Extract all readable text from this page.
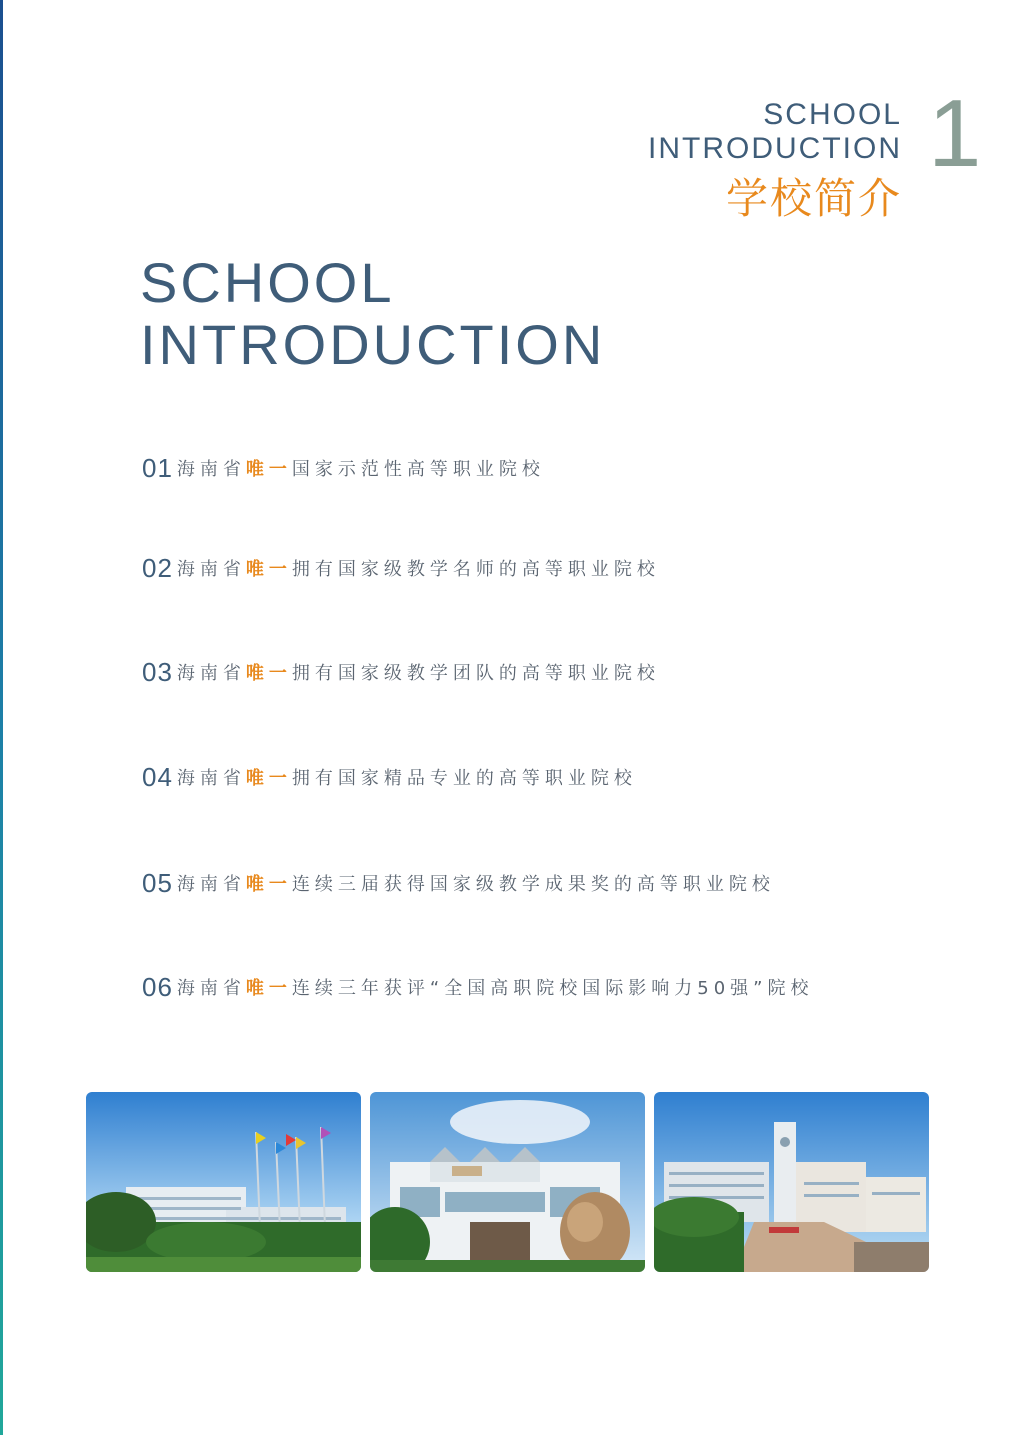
SCHOOL
INTRODUCTION
学校简介
1
SCHOOL
INTRODUCTION
01 海南省 唯一 国家示范性高等职业院校
02 海南省 唯一 拥有国家级教学名师的高等职业院校
03 海南省 唯一 拥有国家级教学团队的高等职业院校
04 海南省 唯一 拥有国家精品专业的高等职业院校
05 海南省 唯一 连续三届获得国家级教学成果奖的高等职业院校
06 海南省 唯一 连续三年获评“全国高职院校国际影响力50强”院校
